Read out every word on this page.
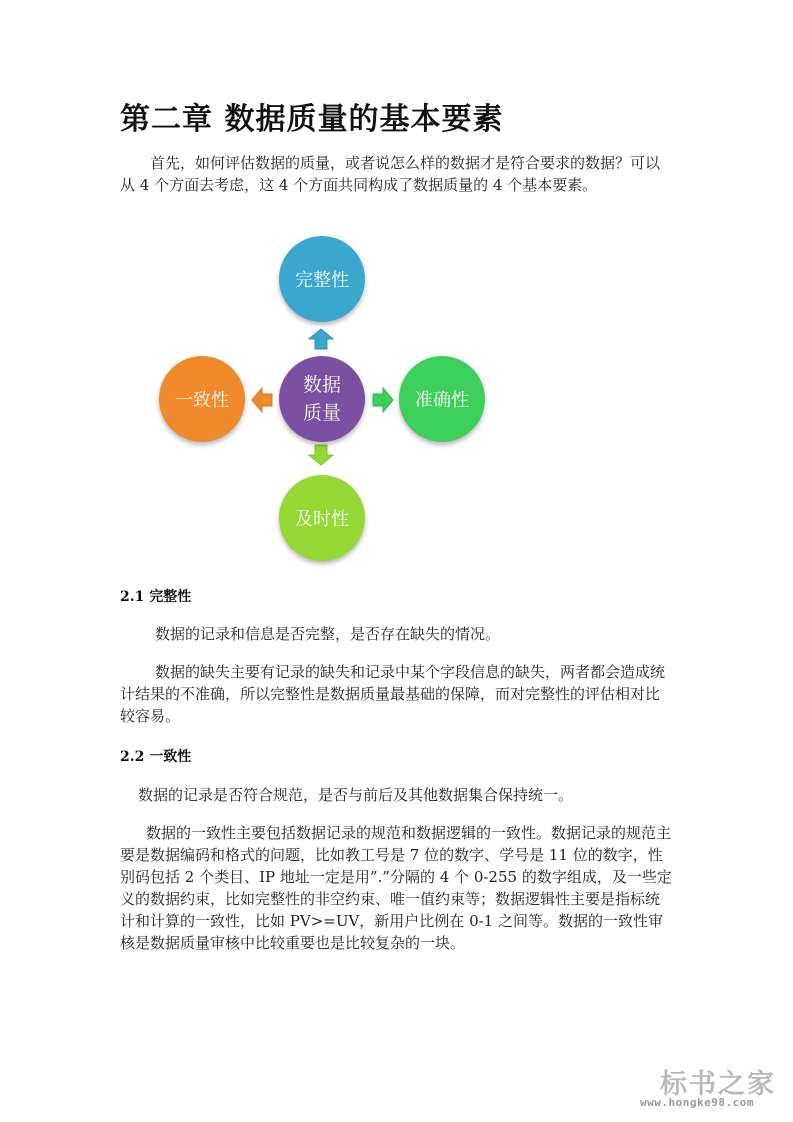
第二章 数据质量的基本要素

首先，如何评估数据的质量，或者说怎么样的数据才是符合要求的数据？可以从 4 个方面去考虑，这 4 个方面共同构成了数据质量的 4 个基本要素。

数据
质量
完整性
准确性
及时性
一致性
2.1 完整性

数据的记录和信息是否完整，是否存在缺失的情况。

数据的缺失主要有记录的缺失和记录中某个字段信息的缺失，两者都会造成统计结果的不准确，所以完整性是数据质量最基础的保障，而对完整性的评估相对比较容易。

2.2 一致性

数据的记录是否符合规范，是否与前后及其他数据集合保持统一。

数据的一致性主要包括数据记录的规范和数据逻辑的一致性。数据记录的规范主要是数据编码和格式的问题，比如教工号是 7 位的数字、学号是 11 位的数字，性别码包括 2 个类目、IP 地址一定是用”.”分隔的 4 个 0-255 的数字组成，及一些定义的数据约束，比如完整性的非空约束、唯一值约束等；数据逻辑性主要是指标统计和计算的一致性，比如 PV>=UV，新用户比例在 0-1 之间等。数据的一致性审核是数据质量审核中比较重要也是比较复杂的一块。

标书之家
www.hongke98.com
